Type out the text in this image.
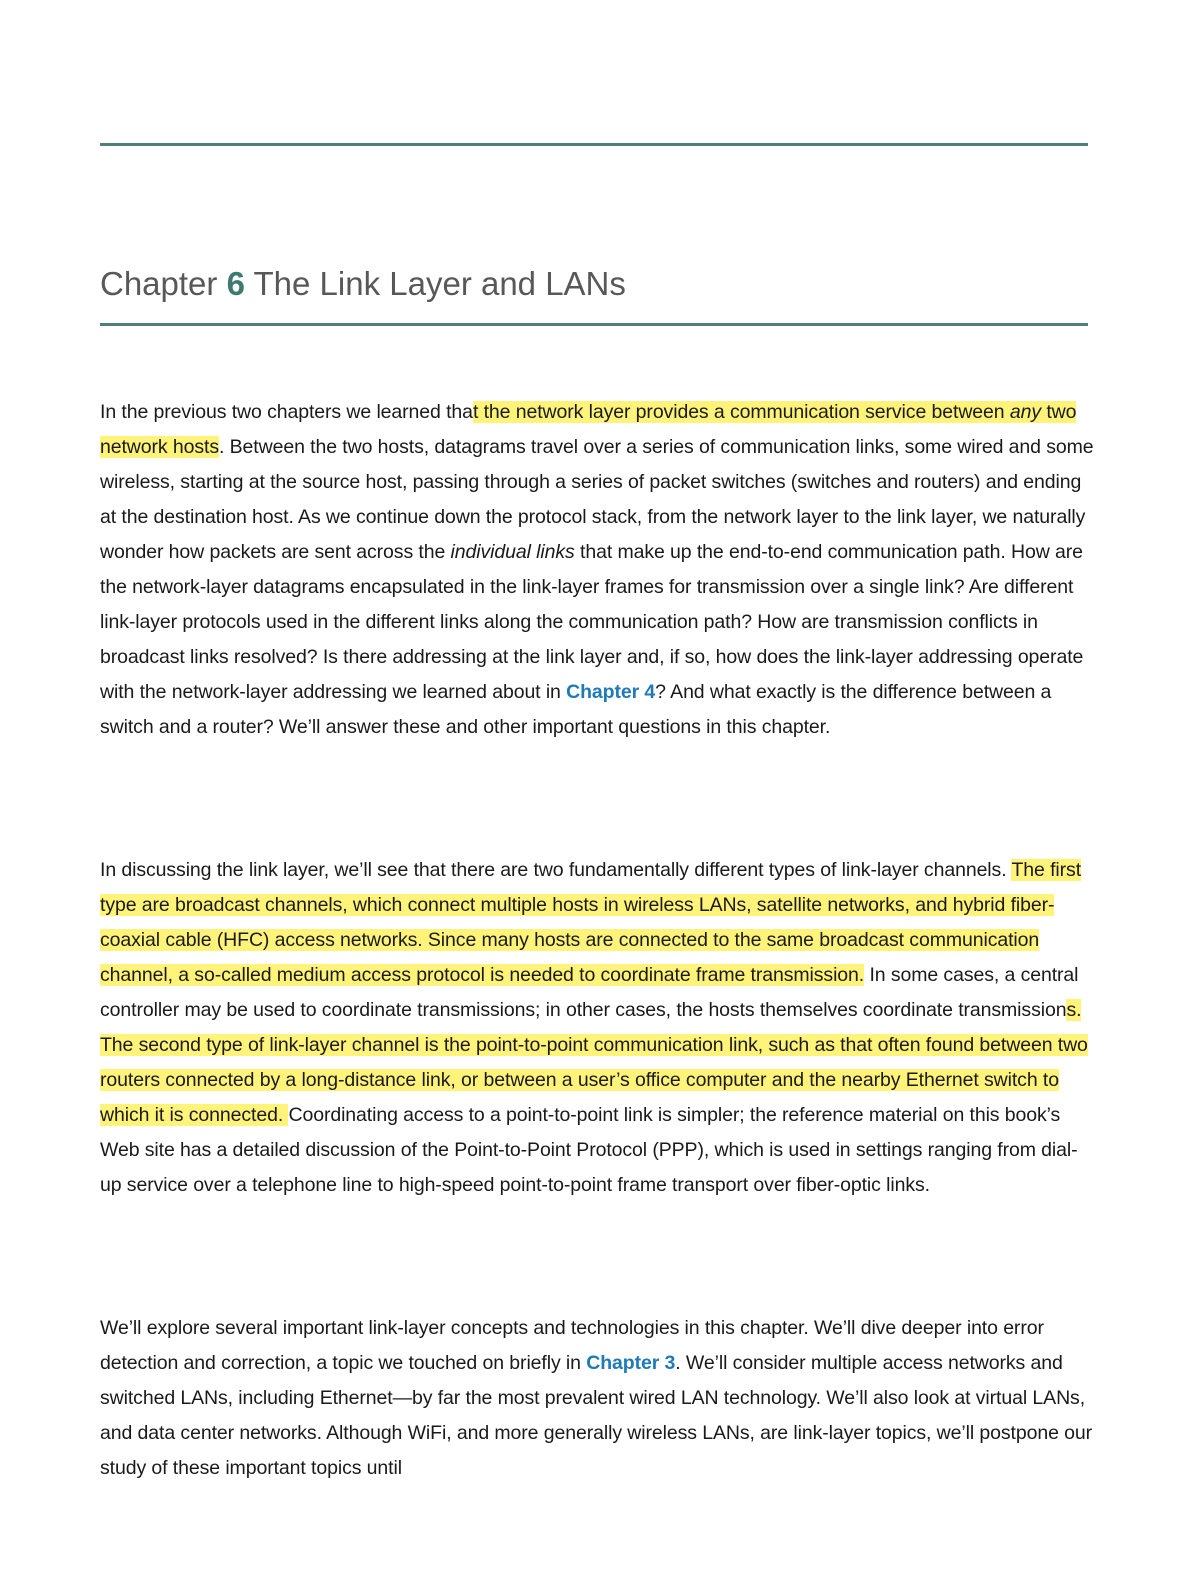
Chapter 6 The Link Layer and LANs

In the previous two chapters we learned that the network layer provides a communication service between any two network hosts. Between the two hosts, datagrams travel over a series of communication links, some wired and some wireless, starting at the source host, passing through a series of packet switches (switches and routers) and ending at the destination host. As we continue down the protocol stack, from the network layer to the link layer, we naturally wonder how packets are sent across the individual links that make up the end-to-end communication path. How are the network-layer datagrams encapsulated in the link-layer frames for transmission over a single link? Are different link-layer protocols used in the different links along the communication path? How are transmission conflicts in broadcast links resolved? Is there addressing at the link layer and, if so, how does the link-layer addressing operate with the network-layer addressing we learned about in Chapter 4? And what exactly is the difference between a switch and a router? We’ll answer these and other important questions in this chapter.

In discussing the link layer, we’ll see that there are two fundamentally different types of link-layer channels. The first type are broadcast channels, which connect multiple hosts in wireless LANs, satellite networks, and hybrid fiber-coaxial cable (HFC) access networks. Since many hosts are connected to the same broadcast communication channel, a so-called medium access protocol is needed to coordinate frame transmission. In some cases, a central controller may be used to coordinate transmissions; in other cases, the hosts themselves coordinate transmissions. The second type of link-layer channel is the point-to-point communication link, such as that often found between two routers connected by a long-distance link, or between a user’s office computer and the nearby Ethernet switch to which it is connected. Coordinating access to a point-to-point link is simpler; the reference material on this book’s Web site has a detailed discussion of the Point-to-Point Protocol (PPP), which is used in settings ranging from dial-up service over a telephone line to high-speed point-to-point frame transport over fiber-optic links.

We’ll explore several important link-layer concepts and technologies in this chapter. We’ll dive deeper into error detection and correction, a topic we touched on briefly in Chapter 3. We’ll consider multiple access networks and switched LANs, including Ethernet—by far the most prevalent wired LAN technology. We’ll also look at virtual LANs, and data center networks. Although WiFi, and more generally wireless LANs, are link-layer topics, we’ll postpone our study of these important topics until
